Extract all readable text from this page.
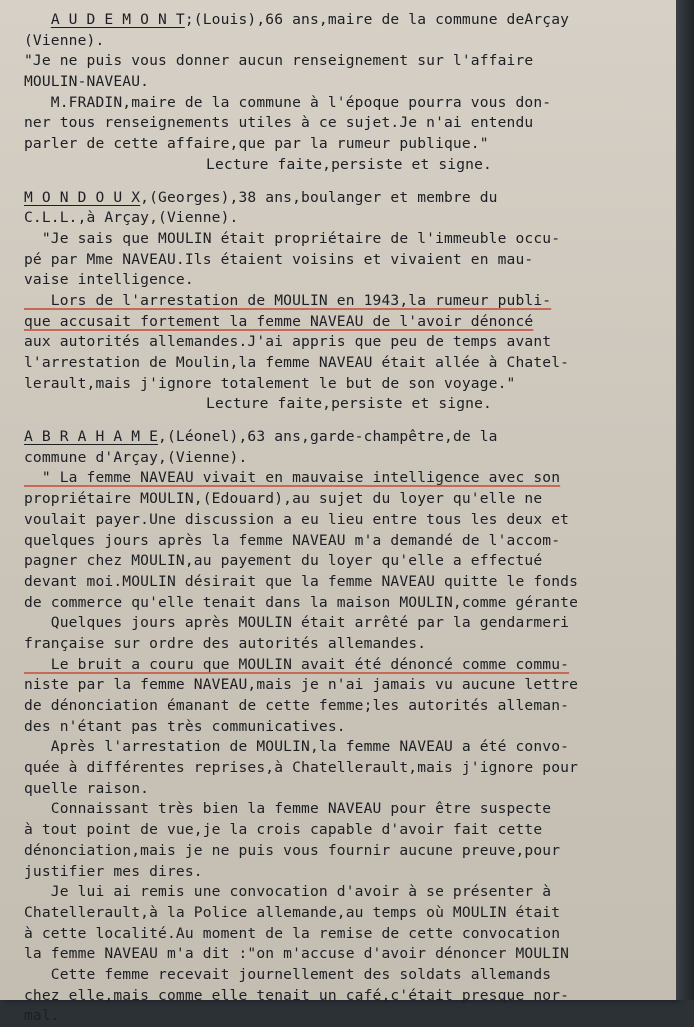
A U D E M O N T;(Louis),66 ans,maire de la commune deArçay
(Vienne).
"Je ne puis vous donner aucun renseignement sur l'affaire
MOULIN-NAVEAU.
M.FRADIN,maire de la commune à l'époque pourra vous don-
ner tous renseignements utiles à ce sujet.Je n'ai entendu
parler de cette affaire,que par la rumeur publique."
Lecture faite,persiste et signe.
M O N D O U X,(Georges),38 ans,boulanger et membre du
C.L.L.,à Arçay,(Vienne).
"Je sais que MOULIN était propriétaire de l'immeuble occu-
pé par Mme NAVEAU.Ils étaient voisins et vivaient en mau-
vaise intelligence.
Lors de l'arrestation de MOULIN en 1943,la rumeur publi-
que accusait fortement la femme NAVEAU de l'avoir dénoncé
aux autorités allemandes.J'ai appris que peu de temps avant
l'arrestation de Moulin,la femme NAVEAU était allée à Chatel-
lerault,mais j'ignore totalement le but de son voyage."
Lecture faite,persiste et signe.
A B R A H A M E,(Léonel),63 ans,garde-champêtre,de la
commune d'Arçay,(Vienne).
" La femme NAVEAU vivait en mauvaise intelligence avec son
propriétaire MOULIN,(Edouard),au sujet du loyer qu'elle ne
voulait payer.Une discussion a eu lieu entre tous les deux et
quelques jours après la femme NAVEAU m'a demandé de l'accom-
pagner chez MOULIN,au payement du loyer qu'elle a effectué
devant moi.MOULIN désirait que la femme NAVEAU quitte le fonds
de commerce qu'elle tenait dans la maison MOULIN,comme gérante
Quelques jours après MOULIN était arrêté par la gendarmeri
française sur ordre des autorités allemandes.
Le bruit a couru que MOULIN avait été dénoncé comme commu-
niste par la femme NAVEAU,mais je n'ai jamais vu aucune lettre
de dénonciation émanant de cette femme;les autorités alleman-
des n'étant pas très communicatives.
Après l'arrestation de MOULIN,la femme NAVEAU a été convo-
quée à différentes reprises,à Chatellerault,mais j'ignore pour
quelle raison.
Connaissant très bien la femme NAVEAU pour être suspecte
à tout point de vue,je la crois capable d'avoir fait cette
dénonciation,mais je ne puis vous fournir aucune preuve,pour
justifier mes dires.
Je lui ai remis une convocation d'avoir à se présenter à
Chatellerault,à la Police allemande,au temps où MOULIN était
à cette localité.Au moment de la remise de cette convocation
la femme NAVEAU m'a dit :"on m'accuse d'avoir dénoncer MOULIN
Cette femme recevait journellement des soldats allemands
chez elle,mais comme elle tenait un café,c'était presque nor-
mal.
